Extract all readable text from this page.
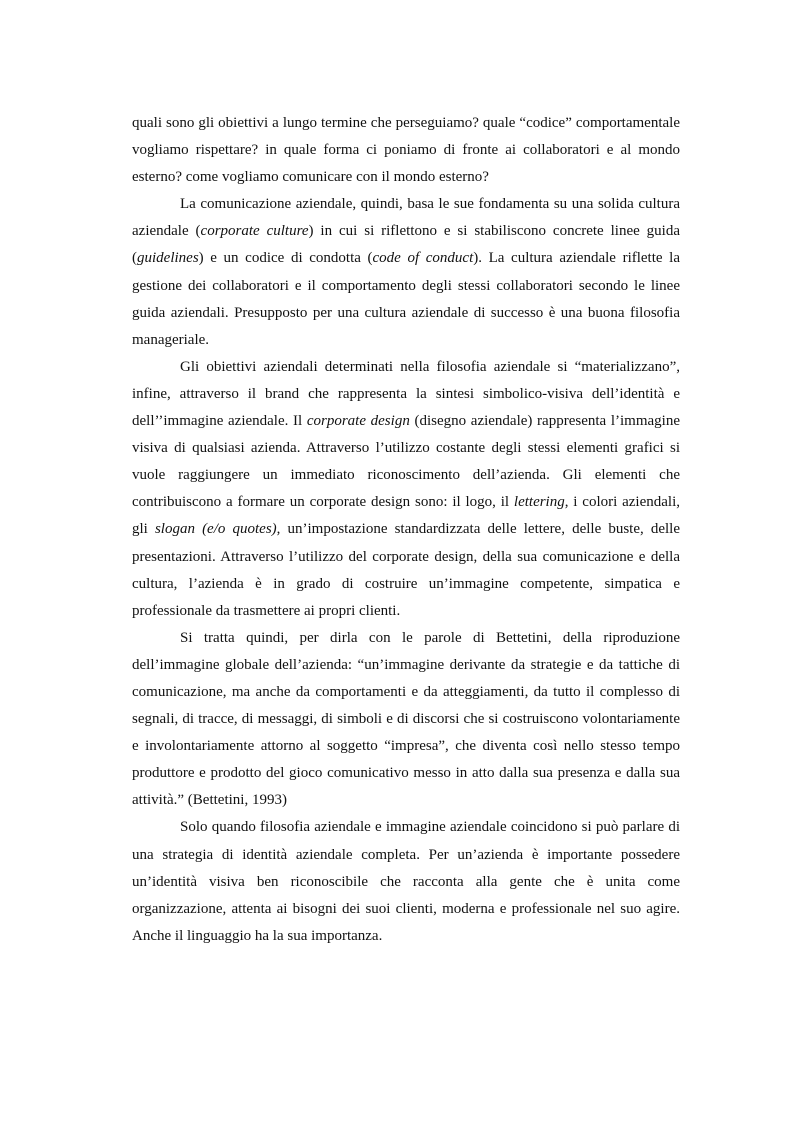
quali sono gli obiettivi a lungo termine che perseguiamo? quale “codice” comportamentale vogliamo rispettare? in quale forma ci poniamo di fronte ai collaboratori e al mondo esterno? come vogliamo comunicare con il mondo esterno?

La comunicazione aziendale, quindi, basa le sue fondamenta su una solida cultura aziendale (corporate culture) in cui si riflettono e si stabiliscono concrete linee guida (guidelines) e un codice di condotta (code of conduct). La cultura aziendale riflette la gestione dei collaboratori e il comportamento degli stessi collaboratori secondo le linee guida aziendali. Presupposto per una cultura aziendale di successo è una buona filosofia manageriale.

Gli obiettivi aziendali determinati nella filosofia aziendale si “materializzano”, infine, attraverso il brand che rappresenta la sintesi simbolico-visiva dell’identità e dell’’immagine aziendale. Il corporate design (disegno aziendale) rappresenta l’immagine visiva di qualsiasi azienda. Attraverso l’utilizzo costante degli stessi elementi grafici si vuole raggiungere un immediato riconoscimento dell’azienda. Gli elementi che contribuiscono a formare un corporate design sono: il logo, il lettering, i colori aziendali, gli slogan (e/o quotes), un’impostazione standardizzata delle lettere, delle buste, delle presentazioni. Attraverso l’utilizzo del corporate design, della sua comunicazione e della cultura, l’azienda è in grado di costruire un’immagine competente, simpatica e professionale da trasmettere ai propri clienti.

Si tratta quindi, per dirla con le parole di Bettetini, della riproduzione dell’immagine globale dell’azienda: “un’immagine derivante da strategie e da tattiche di comunicazione, ma anche da comportamenti e da atteggiamenti, da tutto il complesso di segnali, di tracce, di messaggi, di simboli e di discorsi che si costruiscono volontariamente e involontariamente attorno al soggetto “impresa”, che diventa così nello stesso tempo produttore e prodotto del gioco comunicativo messo in atto dalla sua presenza e dalla sua attività.” (Bettetini, 1993)

Solo quando filosofia aziendale e immagine aziendale coincidono si può parlare di una strategia di identità aziendale completa. Per un’azienda è importante possedere un’identità visiva ben riconoscibile che racconta alla gente che è unita come organizzazione, attenta ai bisogni dei suoi clienti, moderna e professionale nel suo agire. Anche il linguaggio ha la sua importanza.
